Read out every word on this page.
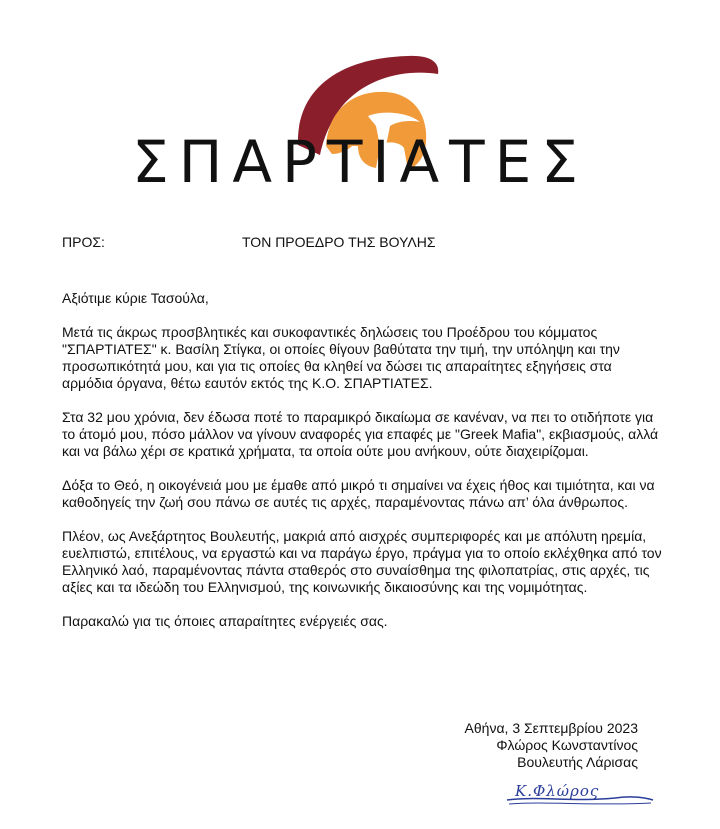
ΣΠΑΡΤΙΑΤΕΣ
ΠΡΟΣ:	ΤΟΝ ΠΡΟΕΔΡΟ ΤΗΣ ΒΟΥΛΗΣ

Αξιότιμε κύριε Τασούλα,

Μετά τις άκρως προσβλητικές και συκοφαντικές δηλώσεις του Προέδρου του κόμματος "ΣΠΑΡΤΙΑΤΕΣ" κ. Βασίλη Στίγκα, οι οποίες θίγουν βαθύτατα την τιμή, την υπόληψη και την προσωπικότητά μου, και για τις οποίες θα κληθεί να δώσει τις απαραίτητες εξηγήσεις στα αρμόδια όργανα, θέτω εαυτόν εκτός της Κ.Ο. ΣΠΑΡΤΙΑΤΕΣ.

Στα 32 μου χρόνια, δεν έδωσα ποτέ το παραμικρό δικαίωμα σε κανέναν, να πει το οτιδήποτε για το άτομό μου, πόσο μάλλον να γίνουν αναφορές για επαφές με "Greek Mafia", εκβιασμούς, αλλά και να βάλω χέρι σε κρατικά χρήματα, τα οποία ούτε μου ανήκουν, ούτε διαχειρίζομαι.

Δόξα το Θεό, η οικογένειά μου με έμαθε από μικρό τι σημαίνει να έχεις ήθος και τιμιότητα, και να καθοδηγείς την ζωή σου πάνω σε αυτές τις αρχές, παραμένοντας πάνω απ’ όλα άνθρωπος.

Πλέον, ως Ανεξάρτητος Βουλευτής, μακριά από αισχρές συμπεριφορές και με απόλυτη ηρεμία, ευελπιστώ, επιτέλους, να εργαστώ και να παράγω έργο, πράγμα για το οποίο εκλέχθηκα από τον Ελληνικό λαό, παραμένοντας πάντα σταθερός στο συναίσθημα της φιλοπατρίας, στις αρχές, τις αξίες και τα ιδεώδη του Ελληνισμού, της κοινωνικής δικαιοσύνης και της νομιμότητας.

Παρακαλώ για τις όποιες απαραίτητες ενέργειές σας.

Αθήνα, 3 Σεπτεμβρίου 2023
Φλώρος Κωνσταντίνος
Βουλευτής Λάρισας
Κ.Φλώρος
